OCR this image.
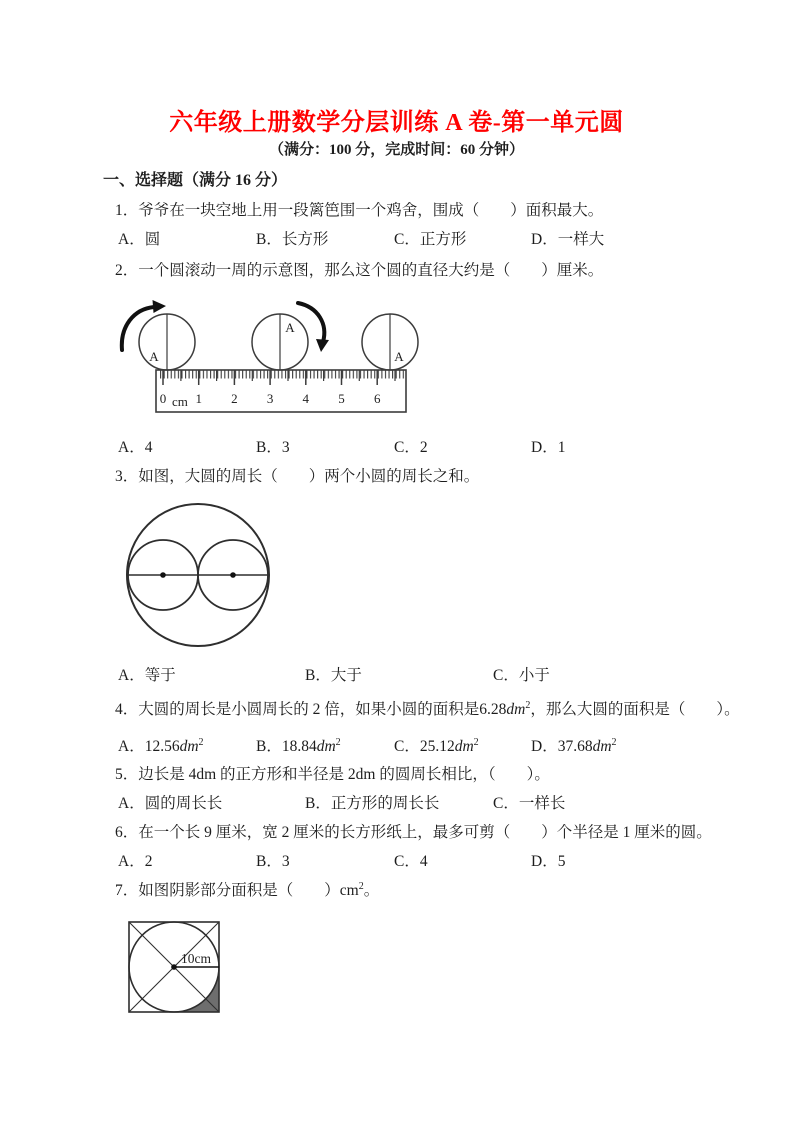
六年级上册数学分层训练 A 卷-第一单元圆
（满分：100 分，完成时间：60 分钟）
一、选择题（满分 16 分）
1．爷爷在一块空地上用一段篱笆围一个鸡舍，围成（　　）面积最大。
A．圆	B．长方形	C．正方形	D．一样大
2．一个圆滚动一周的示意图，那么这个圆的直径大约是（　　）厘米。
0 cm 1 2 3 4 5 6
A
A
A
A．4	B．3	C．2	D．1
3．如图，大圆的周长（　　）两个小圆的周长之和。
A．等于	B．大于	C．小于
4．大圆的周长是小圆周长的 2 倍，如果小圆的面积是$6.28dm^2$，那么大圆的面积是（　　）。
A．$12.56dm^2$	B．$18.84dm^2$	C．$25.12dm^2$	D．$37.68dm^2$
5．边长是 4dm 的正方形和半径是 2dm 的圆周长相比，（　　）。
A．圆的周长长	B．正方形的周长长	C．一样长
6．在一个长 9 厘米，宽 2 厘米的长方形纸上，最多可剪（　　）个半径是 1 厘米的圆。
A．2	B．3	C．4	D．5
7．如图阴影部分面积是（　　）$cm^2$。
10cm
